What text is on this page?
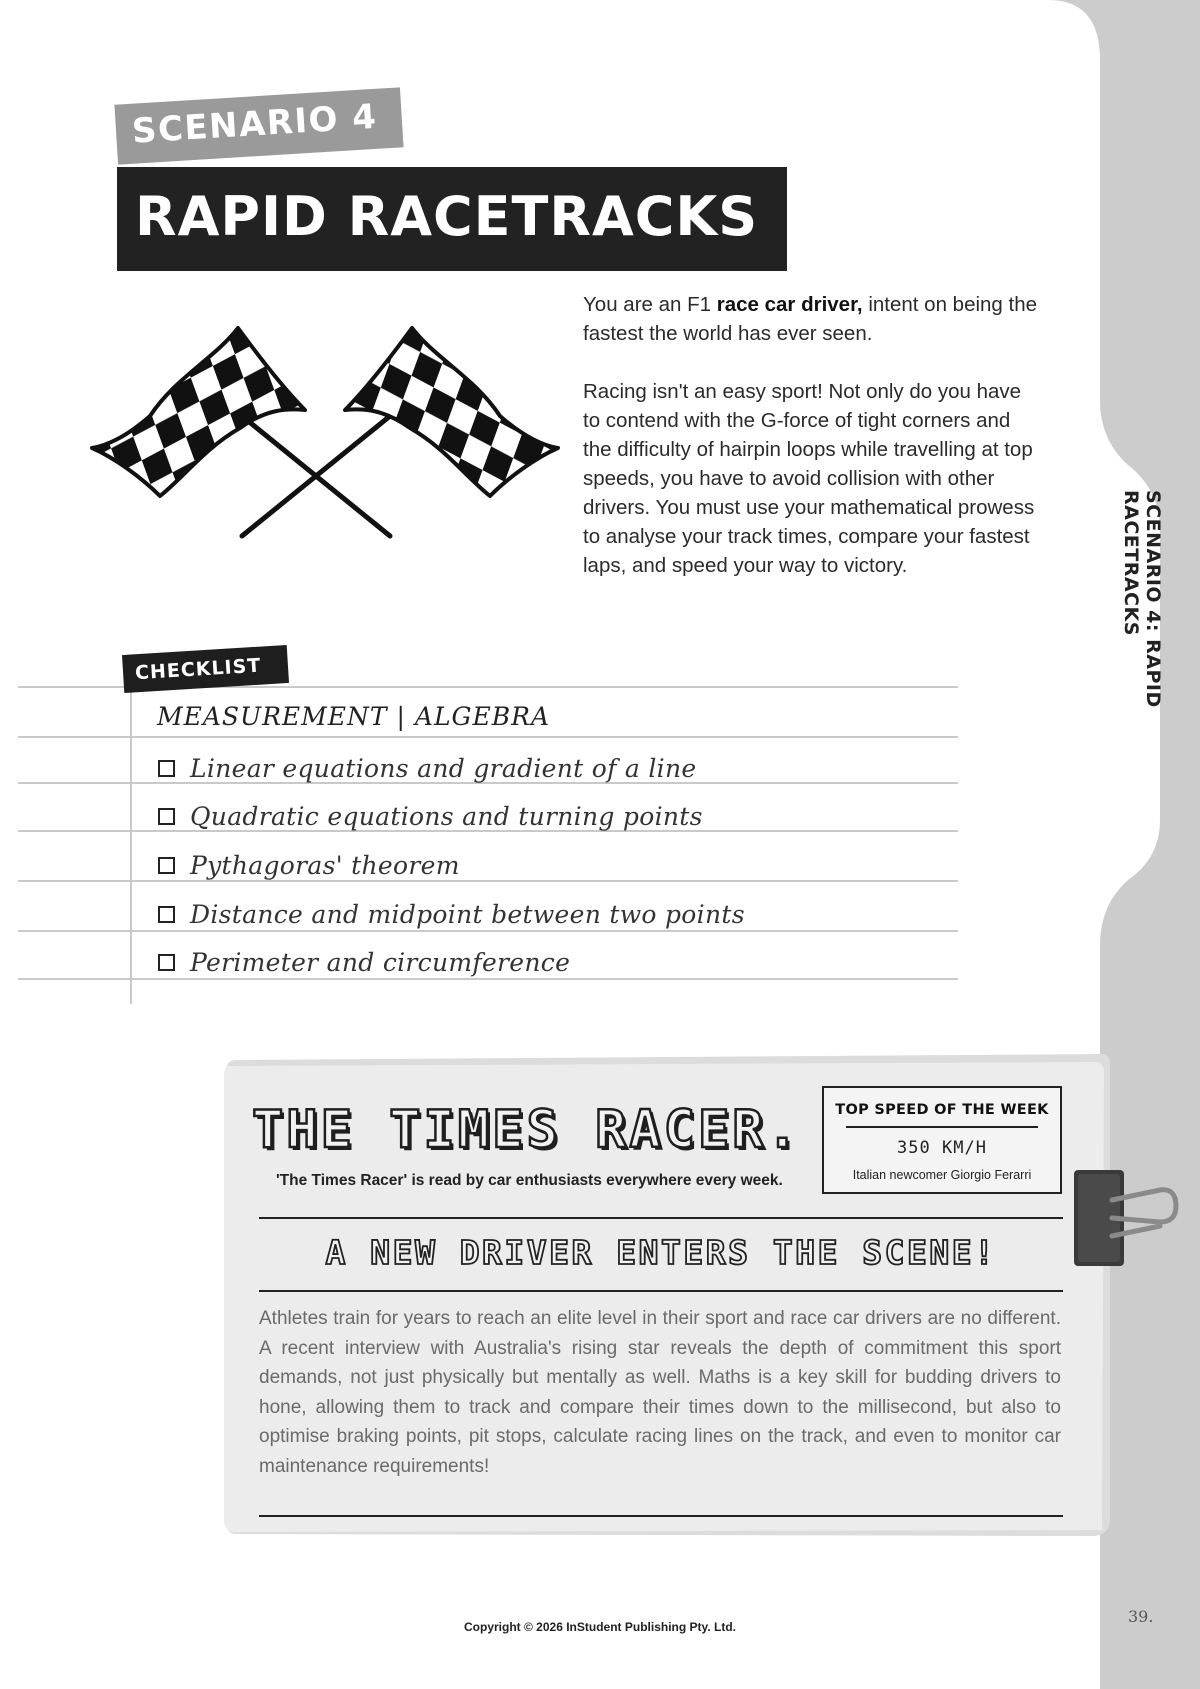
SCENARIO 4: RAPID RACETRACKS
39.
SCENARIO 4
RAPID RACETRACKS

You are an F1 race car driver, intent on being the fastest the world has ever seen.

Racing isn't an easy sport! Not only do you have to contend with the G-force of tight corners and the difficulty of hairpin loops while travelling at top speeds, you have to avoid collision with other drivers. You must use your mathematical prowess to analyse your track times, compare your fastest laps, and speed your way to victory.

CHECKLIST
MEASUREMENT | ALGEBRA
Linear equations and gradient of a line
Quadratic equations and turning points
Pythagoras' theorem
Distance and midpoint between two points
Perimeter and circumference
THE TIMES RACER.
'The Times Racer' is read by car enthusiasts everywhere every week.
TOP SPEED OF THE WEEK
350 KM/H
Italian newcomer Giorgio Ferarri
A NEW DRIVER ENTERS THE SCENE!
Athletes train for years to reach an elite level in their sport and race car drivers are no different. A recent interview with Australia's rising star reveals the depth of commitment this sport demands, not just physically but mentally as well. Maths is a key skill for budding drivers to hone, allowing them to track and compare their times down to the millisecond, but also to optimise braking points, pit stops, calculate racing lines on the track, and even to monitor car maintenance requirements!
Copyright © 2026 InStudent Publishing Pty. Ltd.
